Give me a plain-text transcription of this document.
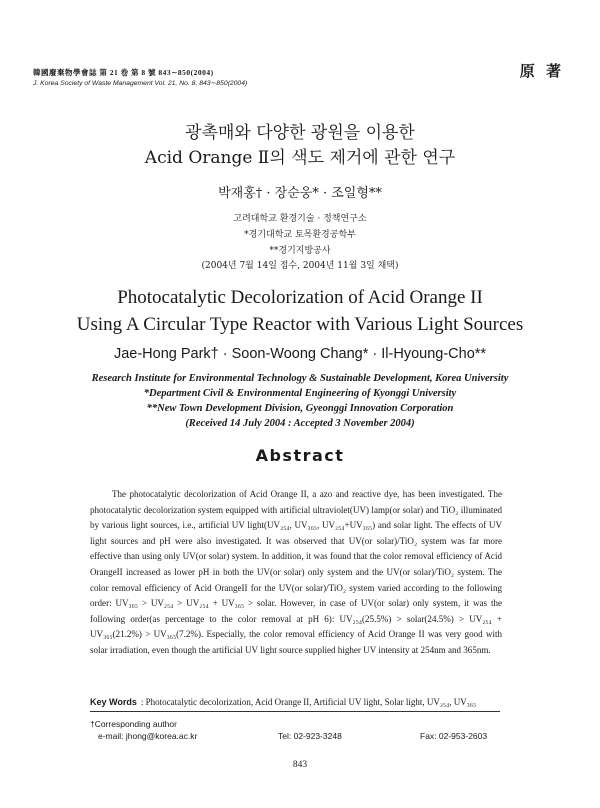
韓國廢棄物學會誌 第 21 卷 第 8 號 843∼850(2004)
J. Korea Society of Waste Management Vol. 21, No. 8, 843∼850(2004)
原 著
광촉매와 다양한 광원을 이용한
Acid Orange Ⅱ의 색도 제거에 관한 연구
박재홍† · 장순웅* · 조일형**
고려대학교 환경기술 · 정책연구소
*경기대학교 토목환경공학부
**경기지방공사
(2004년 7월 14일 접수, 2004년 11월 3일 채택)
Photocatalytic Decolorization of Acid Orange II
Using A Circular Type Reactor with Various Light Sources
Jae-Hong Park† · Soon-Woong Chang* · Il-Hyoung-Cho**
Research Institute for Environmental Technology & Sustainable Development, Korea University
*Department Civil & Environmental Engineering of Kyonggi University
**New Town Development Division, Gyeonggi Innovation Corporation
(Received 14 July 2004 : Accepted 3 November 2004)
Abstract

The photocatalytic decolorization of Acid Orange II, a azo and reactive dye, has been investigated. The photocatalytic decolorization system equipped with artificial ultraviolet(UV) lamp(or solar) and TiO₂ illuminated by various light sources, i.e., artificial UV light(UV₂₅₄, UV₃₆₅, UV₂₅₄+UV₃₆₅) and solar light. The effects of UV light sources and pH were also investigated. It was observed that UV(or solar)/TiO₂ system was far more effective than using only UV(or solar) system. In addition, it was found that the color removal efficiency of Acid OrangeII increased as lower pH in both the UV(or solar) only system and the UV(or solar)/TiO₂ system. The color removal efficiency of Acid OrangeII for the UV(or solar)/TiO₂ system varied according to the following order: UV₃₆₅ > UV₂₅₄ > UV₂₅₄ + UV₃₆₅ > solar. However, in case of UV(or solar) only system, it was the following order(as percentage to the color removal at pH 6): UV₂₅₄(25.5%) > solar(24.5%) > UV₂₅₄ + UV₃₆₅(21.2%) > UV₃₆₅(7.2%). Especially, the color removal efficiency of Acid Orange II was very good with solar irradiation, even though the artificial UV light source supplied higher UV intensity at 254nm and 365nm.

Key Words : Photocatalytic decolorization, Acid Orange II, Artificial UV light, Solar light, UV₂₅₄, UV₃₆₅
†Corresponding author
e-mail: jhong@korea.ac.kr	Tel: 02-923-3248	Fax: 02-953-2603
843
